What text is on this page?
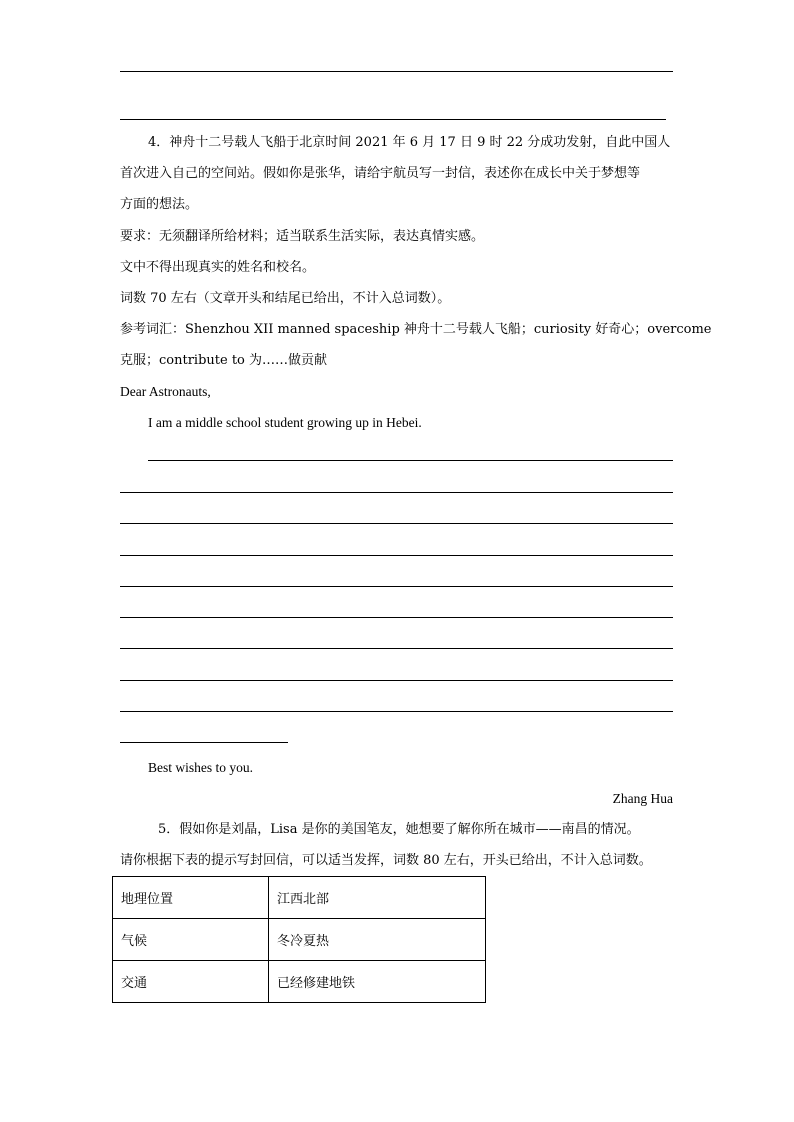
4．神舟十二号载人飞船于北京时间 2021 年 6 月 17 日 9 时 22 分成功发射，自此中国人
首次进入自己的空间站。假如你是张华，请给宇航员写一封信，表述你在成长中关于梦想等
方面的想法。
要求：无须翻译所给材料；适当联系生活实际，表达真情实感。
文中不得出现真实的姓名和校名。
词数 70 左右（文章开头和结尾已给出，不计入总词数）。
参考词汇：Shenzhou XII manned spaceship 神舟十二号载人飞船；curiosity 好奇心；overcome
克服；contribute to 为……做贡献
Dear Astronauts,
I am a middle school student growing up in Hebei.
Best wishes to you.
Zhang Hua
5．假如你是刘晶，Lisa 是你的美国笔友，她想要了解你所在城市——南昌的情况。
请你根据下表的提示写封回信，可以适当发挥，词数 80 左右，开头已给出，不计入总词数。
地理位置	江西北部
气候	冬冷夏热
交通	已经修建地铁
